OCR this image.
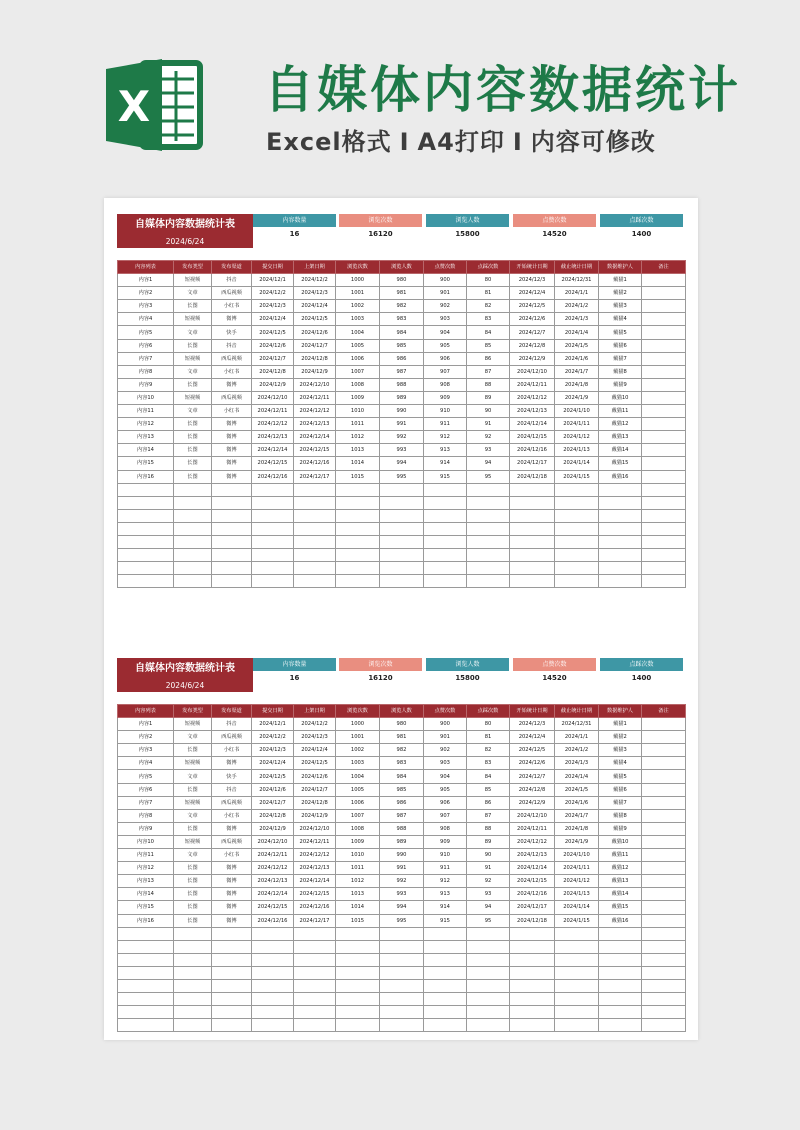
X 自媒体内容数据统计
Excel格式 I A4打印 I 内容可修改
自媒体内容数据统计表
2024/6/24
内容数量
16
浏览次数
16120
浏览人数
15800
点赞次数
14520
点踩次数
1400
内容列表	发布类型	发布渠道	提交日期	上架日期	浏览次数	浏览人数	点赞次数	点踩次数	开始统计日期	截止统计日期	数据维护人	备注
内容1	短视频	抖音	2024/12/1	2024/12/2	1000	980	900	80	2024/12/3	2024/12/31	戴猫1	
内容2	文章	西瓜视频	2024/12/2	2024/12/3	1001	981	901	81	2024/12/4	2024/1/1	戴猫2	
内容3	长图	小红书	2024/12/3	2024/12/4	1002	982	902	82	2024/12/5	2024/1/2	戴猫3	
内容4	短视频	微博	2024/12/4	2024/12/5	1003	983	903	83	2024/12/6	2024/1/3	戴猫4	
内容5	文章	快手	2024/12/5	2024/12/6	1004	984	904	84	2024/12/7	2024/1/4	戴猫5	
内容6	长图	抖音	2024/12/6	2024/12/7	1005	985	905	85	2024/12/8	2024/1/5	戴猫6	
内容7	短视频	西瓜视频	2024/12/7	2024/12/8	1006	986	906	86	2024/12/9	2024/1/6	戴猫7	
内容8	文章	小红书	2024/12/8	2024/12/9	1007	987	907	87	2024/12/10	2024/1/7	戴猫8	
内容9	长图	微博	2024/12/9	2024/12/10	1008	988	908	88	2024/12/11	2024/1/8	戴猫9	
内容10	短视频	西瓜视频	2024/12/10	2024/12/11	1009	989	909	89	2024/12/12	2024/1/9	戴猫10	
内容11	文章	小红书	2024/12/11	2024/12/12	1010	990	910	90	2024/12/13	2024/1/10	戴猫11	
内容12	长图	微博	2024/12/12	2024/12/13	1011	991	911	91	2024/12/14	2024/1/11	戴猫12	
内容13	长图	微博	2024/12/13	2024/12/14	1012	992	912	92	2024/12/15	2024/1/12	戴猫13	
内容14	长图	微博	2024/12/14	2024/12/15	1013	993	913	93	2024/12/16	2024/1/13	戴猫14	
内容15	长图	微博	2024/12/15	2024/12/16	1014	994	914	94	2024/12/17	2024/1/14	戴猫15	
内容16	长图	微博	2024/12/16	2024/12/17	1015	995	915	95	2024/12/18	2024/1/15	戴猫16	

自媒体内容数据统计表
2024/6/24
内容数量
16
浏览次数
16120
浏览人数
15800
点赞次数
14520
点踩次数
1400
内容列表	发布类型	发布渠道	提交日期	上架日期	浏览次数	浏览人数	点赞次数	点踩次数	开始统计日期	截止统计日期	数据维护人	备注
内容1	短视频	抖音	2024/12/1	2024/12/2	1000	980	900	80	2024/12/3	2024/12/31	戴猫1	
内容2	文章	西瓜视频	2024/12/2	2024/12/3	1001	981	901	81	2024/12/4	2024/1/1	戴猫2	
内容3	长图	小红书	2024/12/3	2024/12/4	1002	982	902	82	2024/12/5	2024/1/2	戴猫3	
内容4	短视频	微博	2024/12/4	2024/12/5	1003	983	903	83	2024/12/6	2024/1/3	戴猫4	
内容5	文章	快手	2024/12/5	2024/12/6	1004	984	904	84	2024/12/7	2024/1/4	戴猫5	
内容6	长图	抖音	2024/12/6	2024/12/7	1005	985	905	85	2024/12/8	2024/1/5	戴猫6	
内容7	短视频	西瓜视频	2024/12/7	2024/12/8	1006	986	906	86	2024/12/9	2024/1/6	戴猫7	
内容8	文章	小红书	2024/12/8	2024/12/9	1007	987	907	87	2024/12/10	2024/1/7	戴猫8	
内容9	长图	微博	2024/12/9	2024/12/10	1008	988	908	88	2024/12/11	2024/1/8	戴猫9	
内容10	短视频	西瓜视频	2024/12/10	2024/12/11	1009	989	909	89	2024/12/12	2024/1/9	戴猫10	
内容11	文章	小红书	2024/12/11	2024/12/12	1010	990	910	90	2024/12/13	2024/1/10	戴猫11	
内容12	长图	微博	2024/12/12	2024/12/13	1011	991	911	91	2024/12/14	2024/1/11	戴猫12	
内容13	长图	微博	2024/12/13	2024/12/14	1012	992	912	92	2024/12/15	2024/1/12	戴猫13	
内容14	长图	微博	2024/12/14	2024/12/15	1013	993	913	93	2024/12/16	2024/1/13	戴猫14	
内容15	长图	微博	2024/12/15	2024/12/16	1014	994	914	94	2024/12/17	2024/1/14	戴猫15	
内容16	长图	微博	2024/12/16	2024/12/17	1015	995	915	95	2024/12/18	2024/1/15	戴猫16	
